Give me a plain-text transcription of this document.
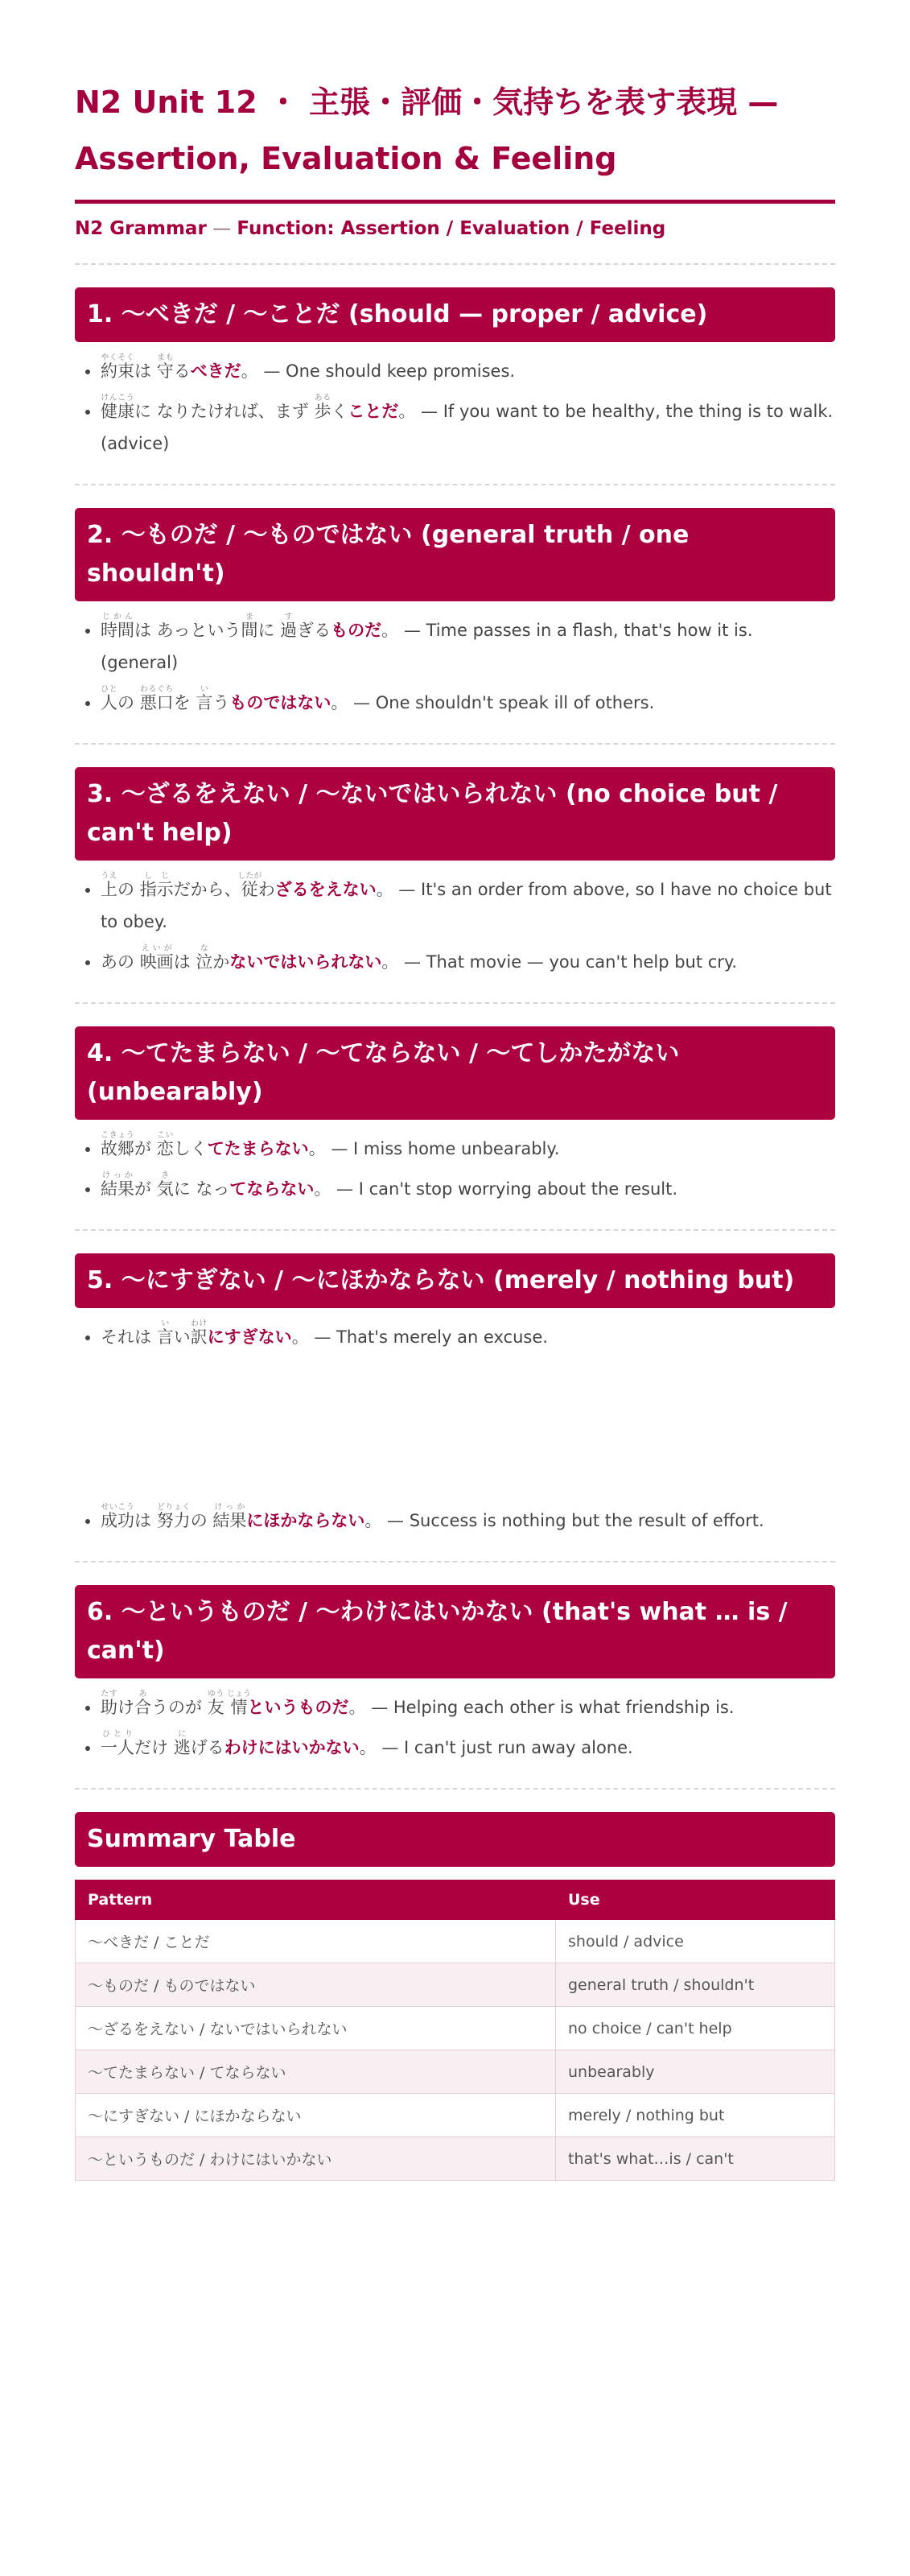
N2 Unit 12 ・ 主張・評価・気持ちを表す表現 —
Assertion, Evaluation & Feeling
N2 Grammar — Function: Assertion / Evaluation / Feeling
1. 〜べきだ / 〜ことだ (should — proper / advice)
• 約束やくそくは 守まもるべきだ。 — One should keep promises.
• 健康けんこうに なりたければ、まず 歩あるくことだ。 — If you want to be healthy, the thing is to walk. (advice)
2. 〜ものだ / 〜ものではない (general truth / one shouldn't)
• 時間じかんは あっという間まに 過すぎるものだ。 — Time passes in a flash, that's how it is. (general)
• 人ひとの 悪口わるぐちを 言いうものではない。 — One shouldn't speak ill of others.
3. 〜ざるをえない / 〜ないではいられない (no choice but / can't help)
• 上うえの 指示しじだから、従したがわざるをえない。 — It's an order from above, so I have no choice but to obey.
• あの 映画えいがは 泣なかないではいられない。 — That movie — you can't help but cry.
4. 〜てたまらない / 〜てならない / 〜てしかたがない (unbearably)
• 故郷こきょうが 恋こいしくてたまらない。 — I miss home unbearably.
• 結果けっかが 気きに なってならない。 — I can't stop worrying about the result.
5. 〜にすぎない / 〜にほかならない (merely / nothing but)
• それは 言いい訳わけにすぎない。 — That's merely an excuse.
• 成功せいこうは 努力どりょくの 結果けっかにほかならない。 — Success is nothing but the result of effort.
6. 〜というものだ / 〜わけにはいかない (that's what … is / can't)
• 助たすけ合あうのが 友ゆう 情じょうというものだ。 — Helping each other is what friendship is.
• 一人ひとりだけ 逃にげるわけにはいかない。 — I can't just run away alone.
Summary Table
Pattern	Use
〜べきだ / ことだ	should / advice
〜ものだ / ものではない	general truth / shouldn't
〜ざるをえない / ないではいられない	no choice / can't help
〜てたまらない / てならない	unbearably
〜にすぎない / にほかならない	merely / nothing but
〜というものだ / わけにはいかない	that's what…is / can't
